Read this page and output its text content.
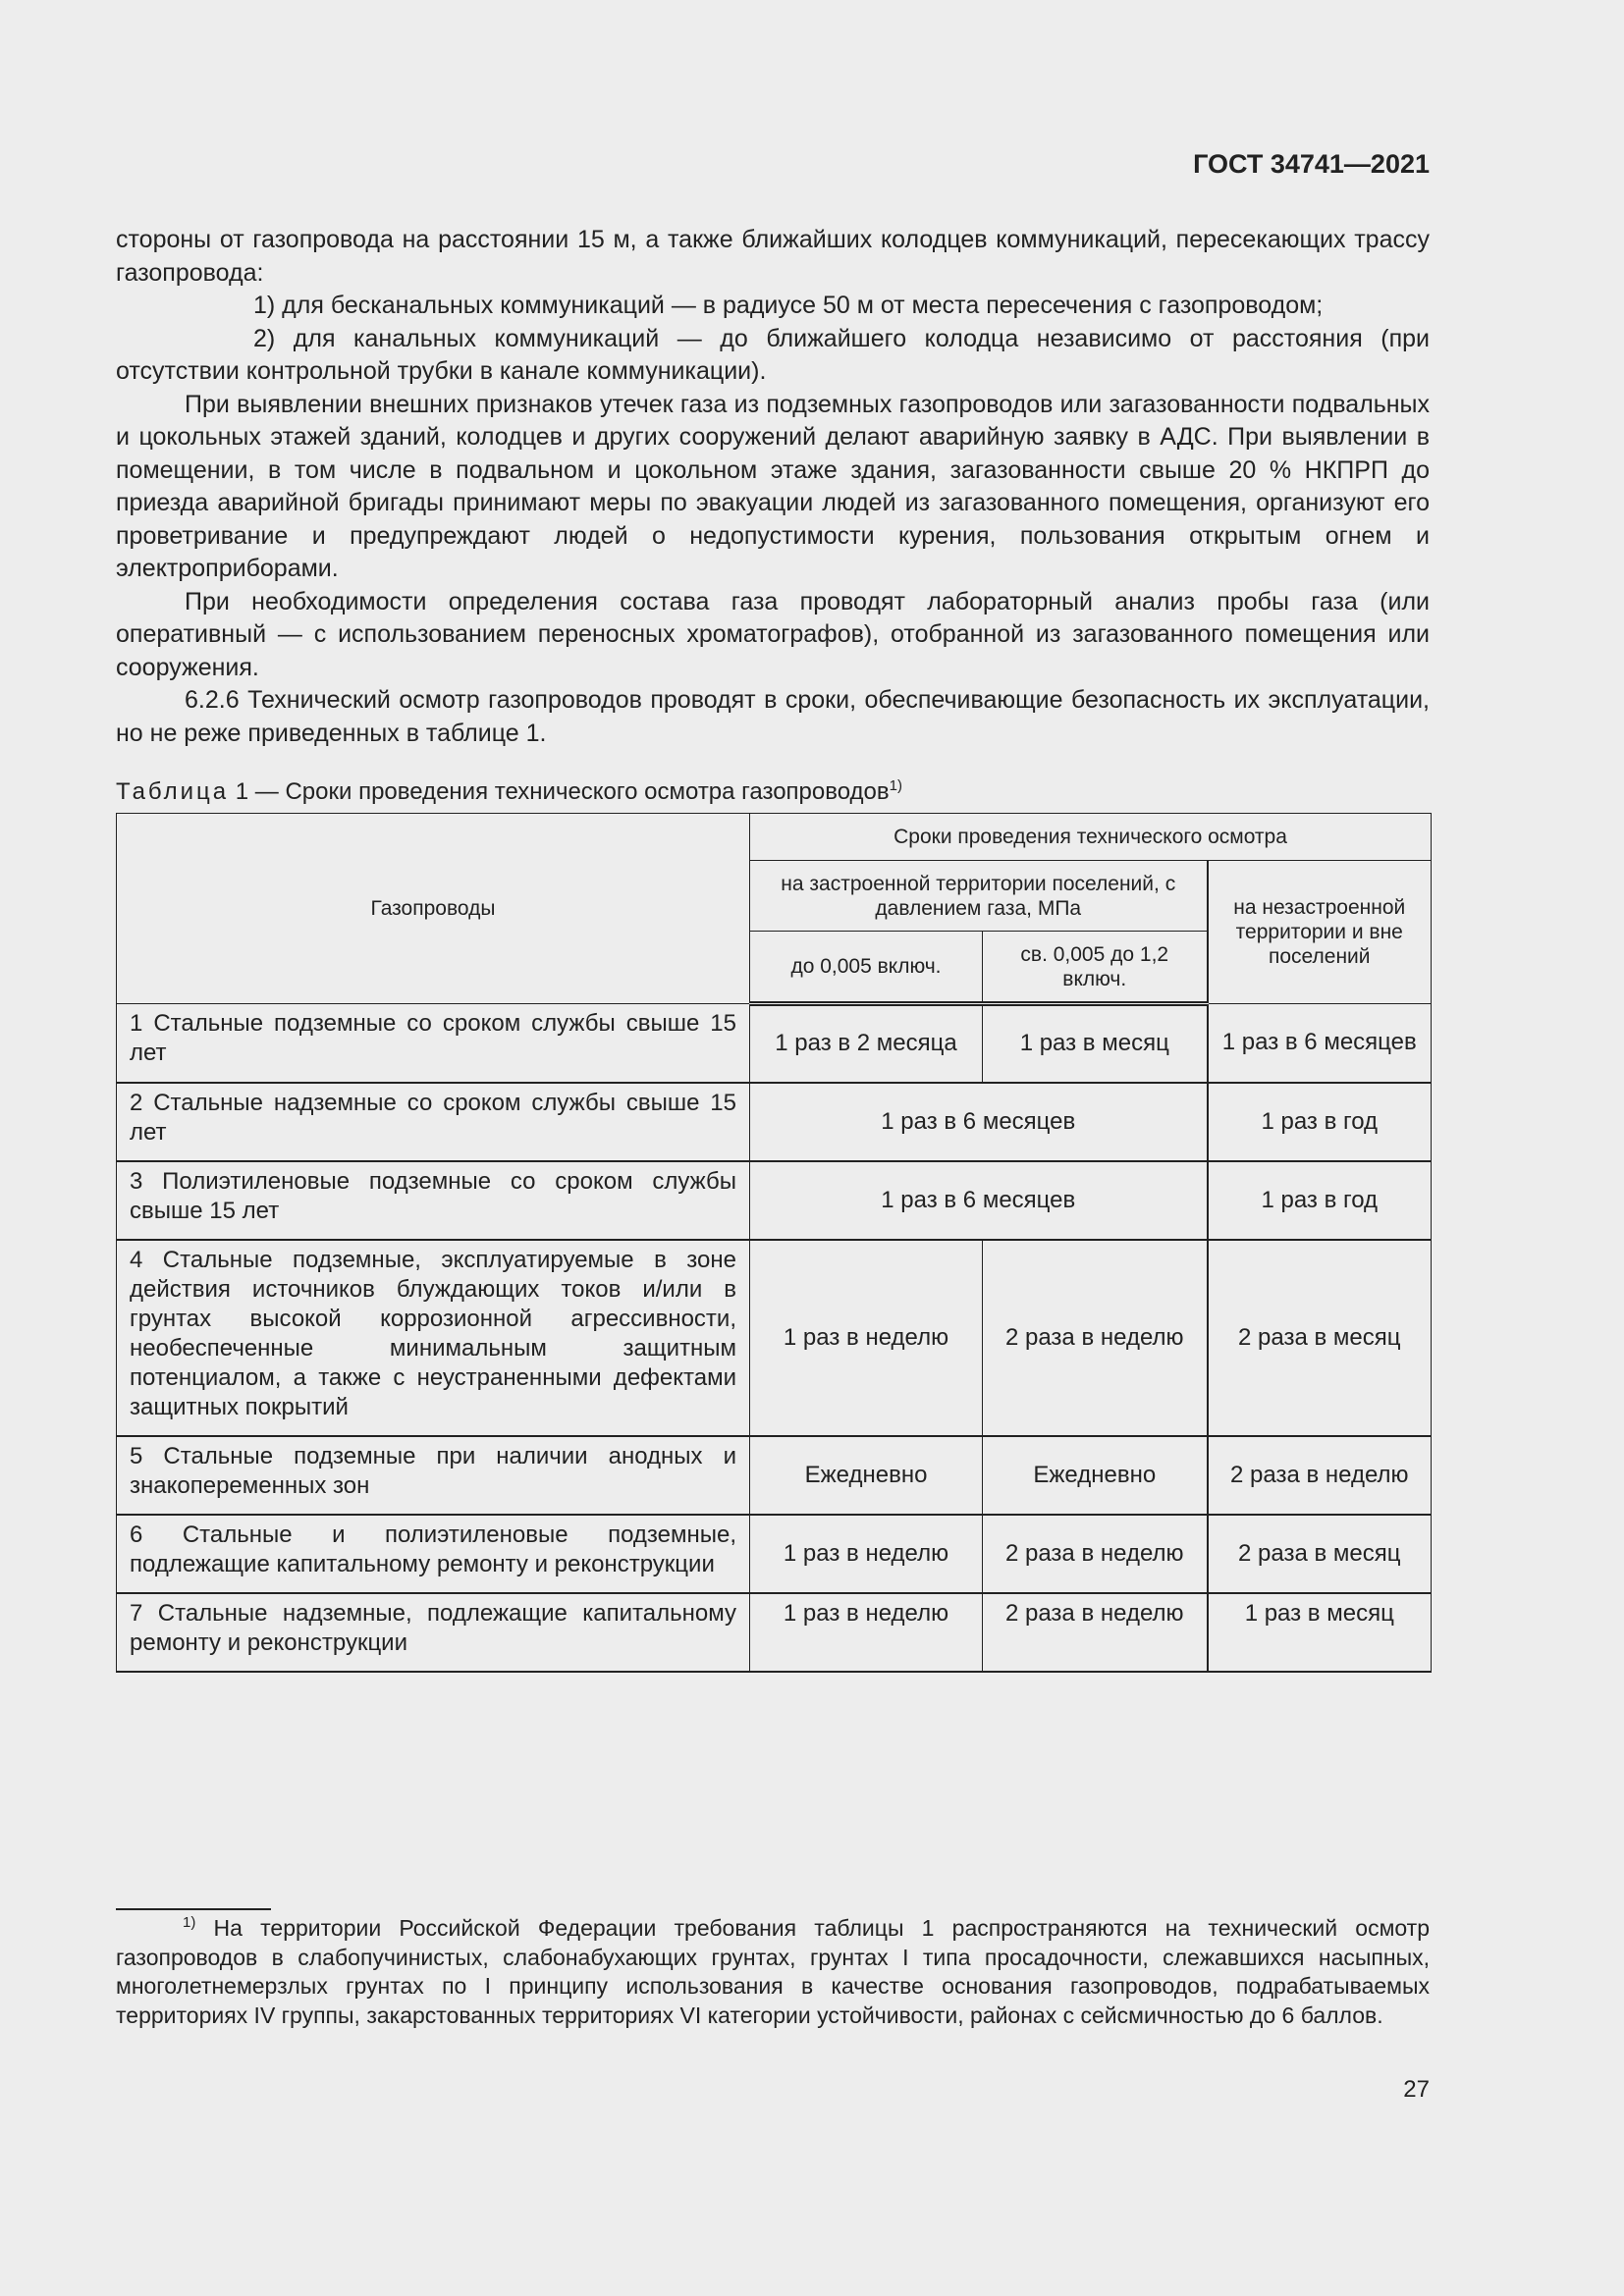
ГОСТ 34741—2021

стороны от газопровода на расстоянии 15 м, а также ближайших колодцев коммуникаций, пересекающих трассу газопровода:

1) для бесканальных коммуникаций — в радиусе 50 м от места пересечения с газопроводом;

2) для канальных коммуникаций — до ближайшего колодца независимо от расстояния (при отсутствии контрольной трубки в канале коммуникации).

При выявлении внешних признаков утечек газа из подземных газопроводов или загазованности подвальных и цокольных этажей зданий, колодцев и других сооружений делают аварийную заявку в АДС. При выявлении в помещении, в том числе в подвальном и цокольном этаже здания, загазованности свыше 20 % НКПРП до приезда аварийной бригады принимают меры по эвакуации людей из загазованного помещения, организуют его проветривание и предупреждают людей о недопустимости курения, пользования открытым огнем и электроприборами.

При необходимости определения состава газа проводят лабораторный анализ пробы газа (или оперативный — с использованием переносных хроматографов), отобранной из загазованного помещения или сооружения.

6.2.6 Технический осмотр газопроводов проводят в сроки, обеспечивающие безопасность их эксплуатации, но не реже приведенных в таблице 1.

Таблица 1 — Сроки проведения технического осмотра газопроводов$^{1)}$

Газопроводы	Сроки проведения технического осмотра		
	на застроенной территории поселений, с давлением газа, МПа		на незастроенной территории и вне поселений
	до 0,005 включ.	св. 0,005 до 1,2 включ.	
1 Стальные подземные со сроком службы свыше 15 лет	1 раз в 2 месяца	1 раз в месяц	1 раз в 6 месяцев
2 Стальные надземные со сроком службы свыше 15 лет	1 раз в 6 месяцев		1 раз в год
3 Полиэтиленовые подземные со сроком службы свыше 15 лет	1 раз в 6 месяцев		1 раз в год
4 Стальные подземные, эксплуатируемые в зоне действия источников блуждающих токов и/или в грунтах высокой коррозионной агрессивности, необеспеченные минимальным защитным потенциалом, а также с неустраненными дефектами защитных покрытий	1 раз в неделю	2 раза в неделю	2 раза в месяц
5 Стальные подземные при наличии анодных и знакопеременных зон	Ежедневно	Ежедневно	2 раза в неделю
6 Стальные и полиэтиленовые подземные, подлежащие капитальному ремонту и реконструкции	1 раз в неделю	2 раза в неделю	2 раза в месяц
7 Стальные надземные, подлежащие капитальному ремонту и реконструкции	1 раз в неделю	2 раза в неделю	1 раз в месяц

$^{1)}$ На территории Российской Федерации требования таблицы 1 распространяются на технический осмотр газопроводов в слабопучинистых, слабонабухающих грунтах, грунтах I типа просадочности, слежавшихся насыпных, многолетнемерзлых грунтах по I принципу использования в качестве основания газопроводов, подрабатываемых территориях IV группы, закарстованных территориях VI категории устойчивости, районах с сейсмичностью до 6 баллов.

27
